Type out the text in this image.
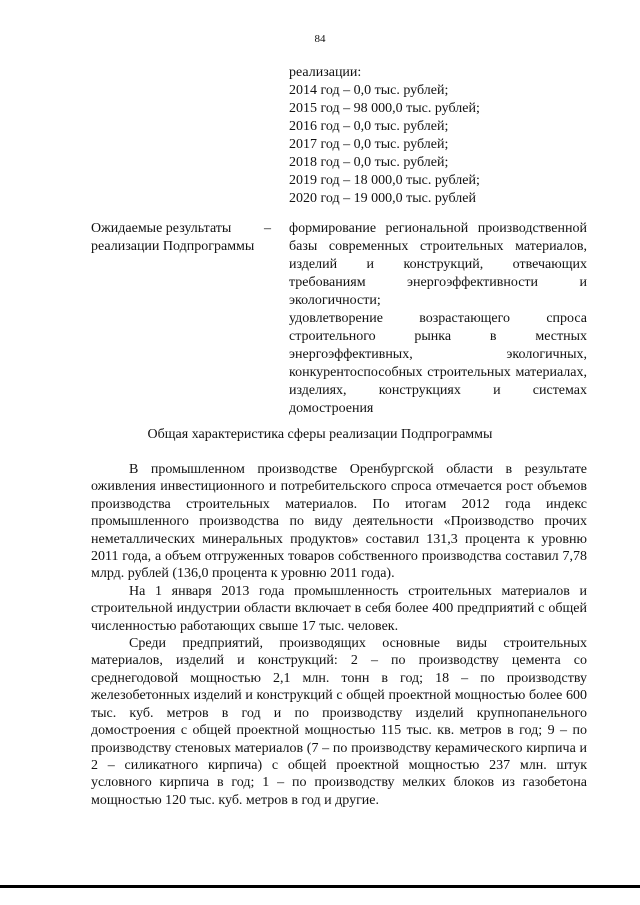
84
реализации:
2014 год – 0,0 тыс. рублей;
2015 год – 98 000,0 тыс. рублей;
2016 год – 0,0 тыс. рублей;
2017 год – 0,0 тыс. рублей;
2018 год – 0,0 тыс. рублей;
2019 год – 18 000,0 тыс. рублей;
2020 год – 19 000,0 тыс. рублей
Ожидаемые результаты реализации Подпрограммы
– формирование региональной производственной базы современных строительных материалов, изделий и конструкций, отвечающих требованиям энергоэффективности и экологичности;

удовлетворение возрастающего спроса строительного рынка в местных энергоэффективных, экологичных, конкурентоспособных строительных материалах, изделиях, конструкциях и системах домостроения

Общая характеристика сферы реализации Подпрограммы

В промышленном производстве Оренбургской области в результате оживления инвестиционного и потребительского спроса отмечается рост объемов производства строительных материалов. По итогам 2012 года индекс промышленного производства по виду деятельности «Производство прочих неметаллических минеральных продуктов» составил 131,3 процента к уровню 2011 года, а объем отгруженных товаров собственного производства составил 7,78 млрд. рублей (136,0 процента к уровню 2011 года).

На 1 января 2013 года промышленность строительных материалов и строительной индустрии области включает в себя более 400 предприятий с общей численностью работающих свыше 17 тыс. человек.

Среди предприятий, производящих основные виды строительных материалов, изделий и конструкций: 2 – по производству цемента со среднегодовой мощностью 2,1 млн. тонн в год; 18 – по производству железобетонных изделий и конструкций с общей проектной мощностью более 600 тыс. куб. метров в год и по производству изделий крупнопанельного домостроения с общей проектной мощностью 115 тыс. кв. метров в год; 9 – по производству стеновых материалов (7 – по производству керамического кирпича и 2 – силикатного кирпича) с общей проектной мощностью 237 млн. штук условного кирпича в год; 1 – по производству мелких блоков из газобетона мощностью 120 тыс. куб. метров в год и другие.
